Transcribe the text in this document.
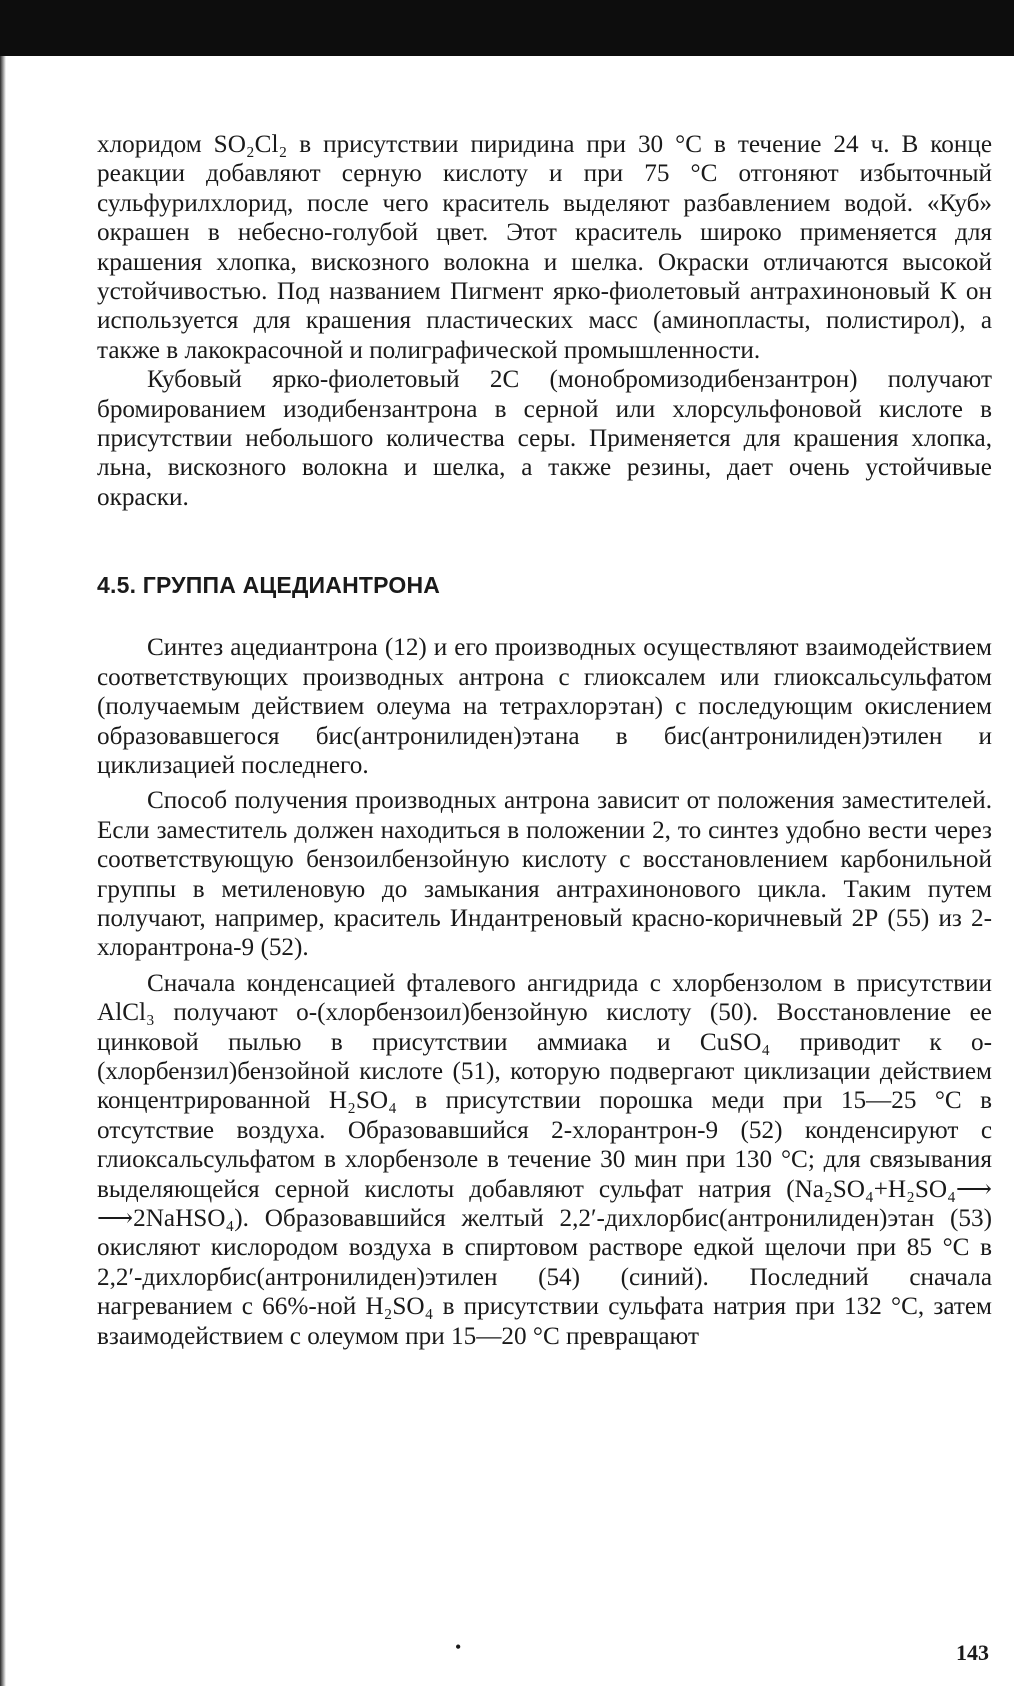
хлоридом SO₂Cl₂ в присутствии пиридина при 30 °С в течение 24 ч. В конце реакции добавляют серную кислоту и при 75 °С отгоняют избыточный сульфурилхлорид, после чего краситель выделяют разбавлением водой. «Куб» окрашен в небесно-голубой цвет. Этот краситель широко применяется для крашения хлопка, вискозного волокна и шелка. Окраски отличаются высокой устойчивостью. Под названием Пигмент ярко-фиолетовый антрахиноновый К он используется для крашения пластических масс (аминопласты, полистирол), а также в лакокрасочной и полиграфической промышленности.

Кубовый ярко-фиолетовый 2С (монобромизодибензантрон) получают бромированием изодибензантрона в серной или хлорсульфоновой кислоте в присутствии небольшого количества серы. Применяется для крашения хлопка, льна, вискозного волокна и шелка, а также резины, дает очень устойчивые окраски.

4.5. ГРУППА АЦЕДИАНТРОНА

Синтез ацедиантрона (12) и его производных осуществляют взаимодействием соответствующих производных антрона с глиоксалем или глиоксальсульфатом (получаемым действием олеума на тетрахлорэтан) с последующим окислением образовавшегося бис(антронилиден)этана в бис(антронилиден)этилен и циклизацией последнего.

Способ получения производных антрона зависит от положения заместителей. Если заместитель должен находиться в положении 2, то синтез удобно вести через соответствующую бензоилбензойную кислоту с восстановлением карбонильной группы в метиленовую до замыкания антрахинонового цикла. Таким путем получают, например, краситель Индантреновый красно-коричневый 2Р (55) из 2-хлорантрона-9 (52).

Сначала конденсацией фталевого ангидрида с хлорбензолом в присутствии AlCl₃ получают о-(хлорбензоил)бензойную кислоту (50). Восстановление ее цинковой пылью в присутствии аммиака и CuSO₄ приводит к о-(хлорбензил)бензойной кислоте (51), которую подвергают циклизации действием концентрированной H₂SO₄ в присутствии порошка меди при 15—25 °С в отсутствие воздуха. Образовавшийся 2-хлорантрон-9 (52) конденсируют с глиоксальсульфатом в хлорбензоле в течение 30 мин при 130 °С; для связывания выделяющейся серной кислоты добавляют сульфат натрия (Na₂SO₄+H₂SO₄⟶ ⟶2NaHSO₄). Образовавшийся желтый 2,2′-дихлорбис(антронилиден)этан (53) окисляют кислородом воздуха в спиртовом растворе едкой щелочи при 85 °С в 2,2′-дихлорбис(антронилиден)этилен (54) (синий). Последний сначала нагреванием с 66%-ной H₂SO₄ в присутствии сульфата натрия при 132 °С, затем взаимодействием с олеумом при 15—20 °С превращают

•	143
